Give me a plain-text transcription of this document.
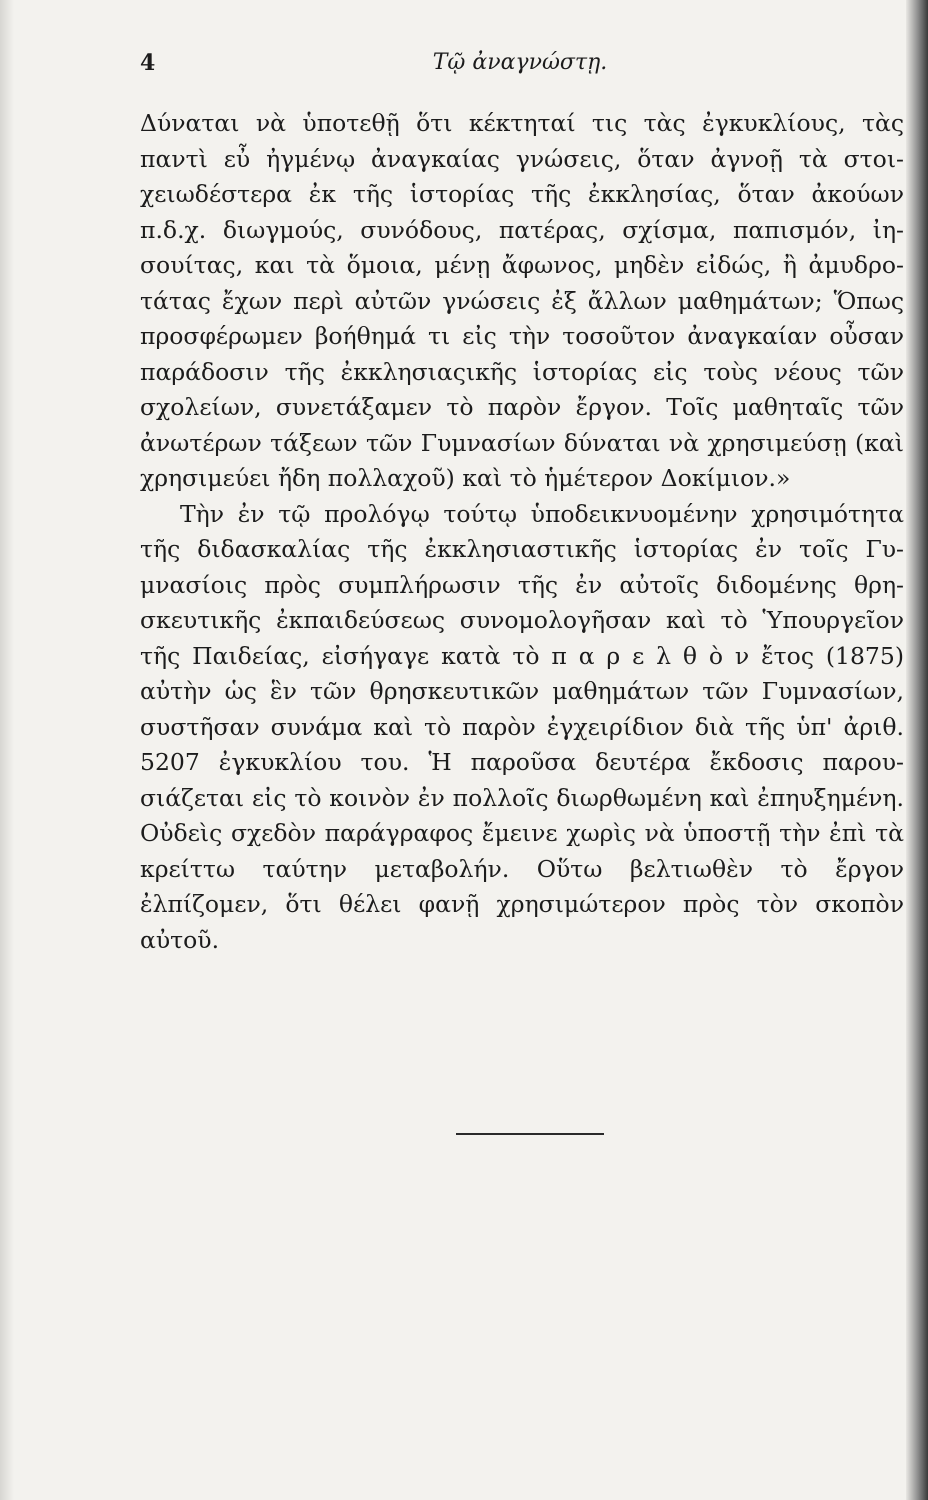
4	Τῷ ἀναγνώστῃ.

Δύναται νὰ ὑποτεθῇ ὅτι κέκτηταί τις τὰς ἐγκυκλίους, τὰς παντὶ εὖ ἠγμένῳ ἀναγκαίας γνώσεις, ὅταν ἀγνοῇ τὰ στοιχειωδέστερα ἐκ τῆς ἱστορίας τῆς ἐκκλησίας, ὅταν ἀκούων π.δ.χ. διωγμούς, συνόδους, πατέρας, σχίσμα, παπισμόν, ἰησουίτας, και τὰ ὅμοια, μένῃ ἄφωνος, μηδὲν εἰδώς, ἢ ἀμυδροτάτας ἔχων περὶ αὐτῶν γνώσεις ἐξ ἄλλων μαθημάτων; Ὅπως προσφέρωμεν βοήθημά τι εἰς τὴν τοσοῦτον ἀναγκαίαν οὖσαν παράδοσιν τῆς ἐκκλησιαςικῆς ἱστορίας εἰς τοὺς νέους τῶν σχολείων, συνετάξαμεν τὸ παρὸν ἔργον. Τοῖς μαθηταῖς τῶν ἀνωτέρων τάξεων τῶν Γυμνασίων δύναται νὰ χρησιμεύσῃ (καὶ χρησιμεύει ἤδη πολλαχοῦ) καὶ τὸ ἡμέτερον Δοκίμιον.»

Τὴν ἐν τῷ προλόγῳ τούτῳ ὑποδεικνυομένην χρησιμότητα τῆς διδασκαλίας τῆς ἐκκλησιαστικῆς ἱστορίας ἐν τοῖς Γυμνασίοις πρὸς συμπλήρωσιν τῆς ἐν αὐτοῖς διδομένης θρησκευτικῆς ἐκπαιδεύσεως συνομολογῆσαν καὶ τὸ Ὑπουργεῖον τῆς Παιδείας, εἰσήγαγε κατὰ τὸ π α ρ ε λ θ ὸ ν ἔτος (1875) αὐτὴν ὡς ἓν τῶν θρησκευτικῶν μαθημάτων τῶν Γυμνασίων, συστῆσαν συνάμα καὶ τὸ παρὸν ἐγχειρίδιον διὰ τῆς ὑπ' ἀριθ. 5207 ἐγκυκλίου του. Ἡ παροῦσα δευτέρα ἔκδοσις παρουσιάζεται εἰς τὸ κοινὸν ἐν πολλοῖς διωρθωμένη καὶ ἐπηυξημένη. Οὐδεὶς σχεδὸν παράγραφος ἔμεινε χωρὶς νὰ ὑποστῇ τὴν ἐπὶ τὰ κρείττω ταύτην μεταβολήν. Οὕτω βελτιωθὲν τὸ ἔργον ἐλπίζομεν, ὅτι θέλει φανῇ χρησιμώτερον πρὸς τὸν σκοπὸν αὐτοῦ.
